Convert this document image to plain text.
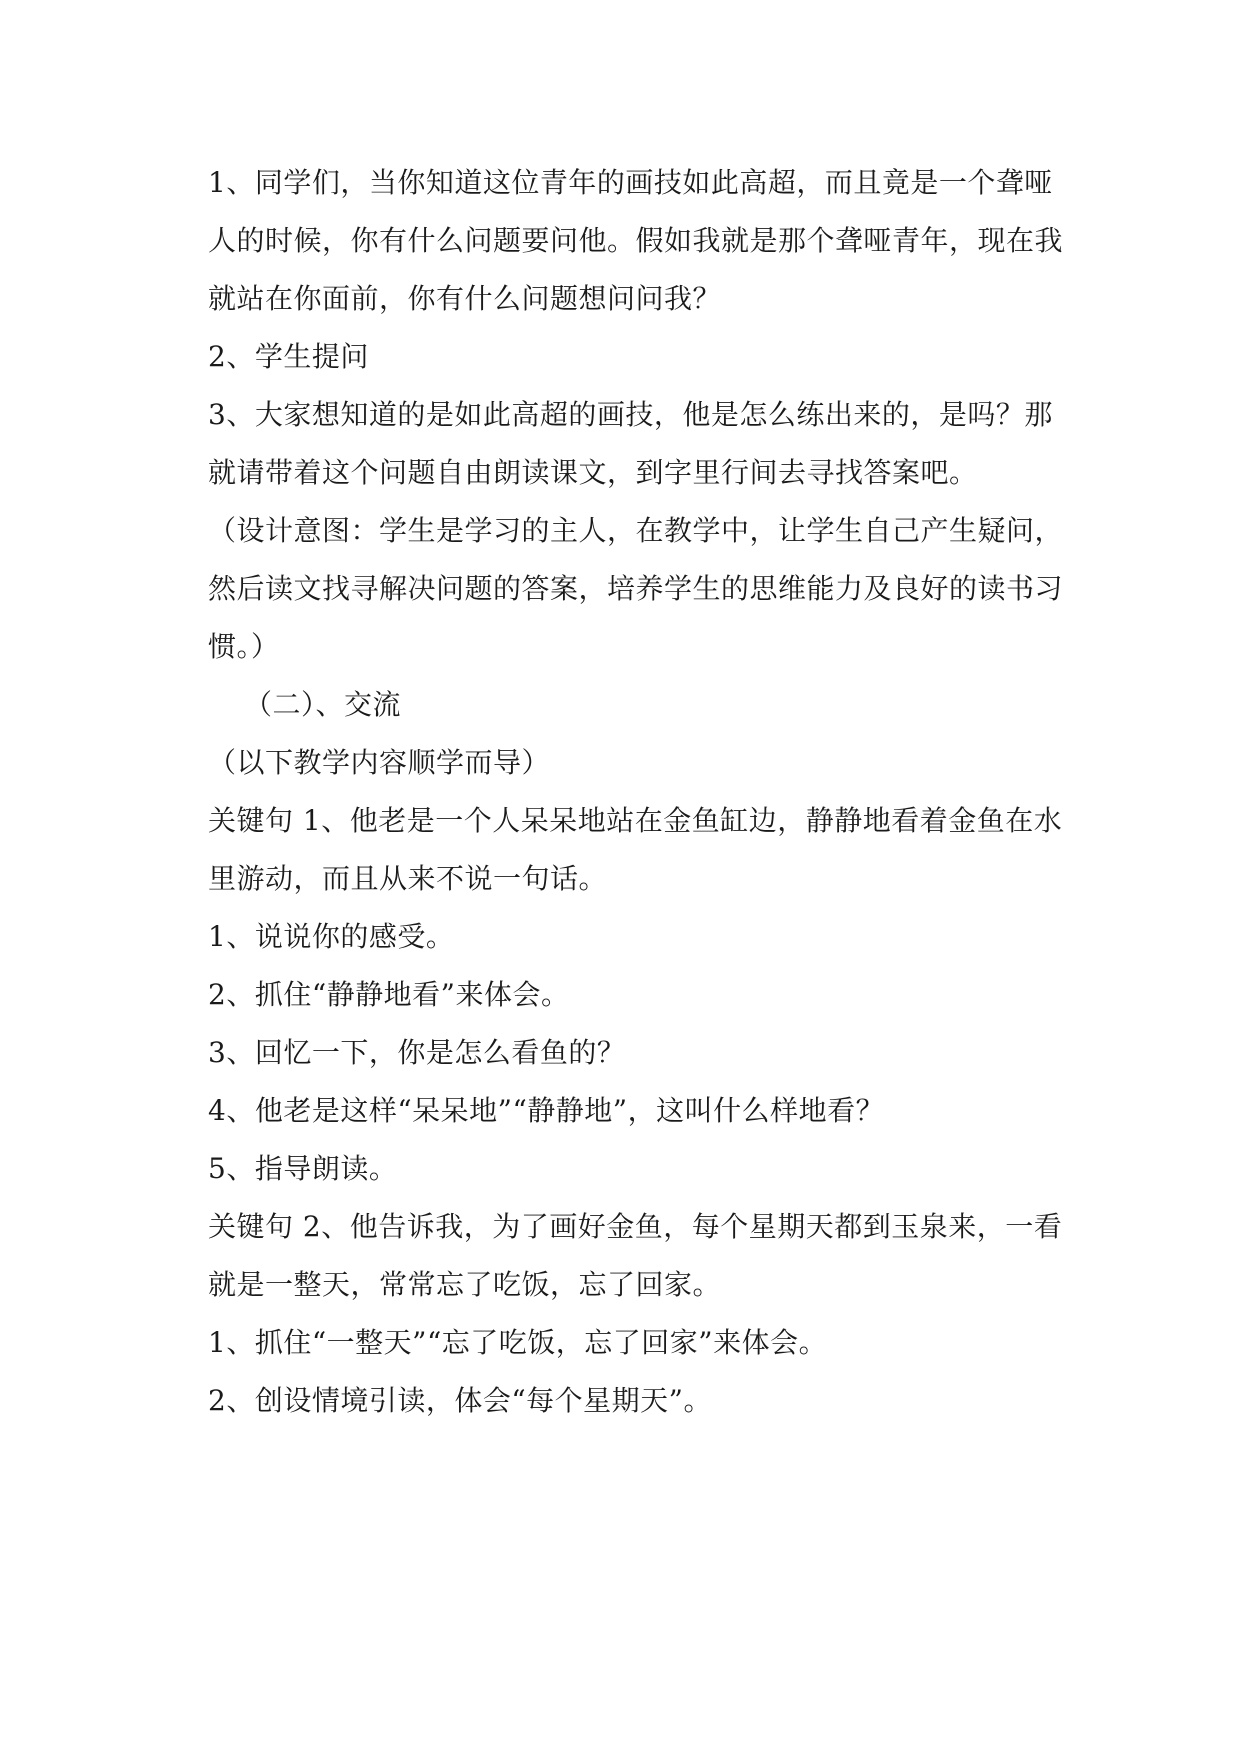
1、同学们，当你知道这位青年的画技如此高超，而且竟是一个聋哑
人的时候，你有什么问题要问他。假如我就是那个聋哑青年，现在我
就站在你面前，你有什么问题想问问我？
2、学生提问
3、大家想知道的是如此高超的画技，他是怎么练出来的，是吗？那
就请带着这个问题自由朗读课文，到字里行间去寻找答案吧。
（设计意图：学生是学习的主人，在教学中，让学生自己产生疑问，
然后读文找寻解决问题的答案，培养学生的思维能力及良好的读书习
惯。）
（二）、交流
（以下教学内容顺学而导）
关键句 1、他老是一个人呆呆地站在金鱼缸边，静静地看着金鱼在水
里游动，而且从来不说一句话。
1、说说你的感受。
2、抓住“静静地看”来体会。
3、回忆一下，你是怎么看鱼的？
4、他老是这样“呆呆地”“静静地”，这叫什么样地看？
5、指导朗读。
关键句 2、他告诉我，为了画好金鱼，每个星期天都到玉泉来，一看
就是一整天，常常忘了吃饭，忘了回家。
1、抓住“一整天”“忘了吃饭，忘了回家”来体会。
2、创设情境引读，体会“每个星期天”。
